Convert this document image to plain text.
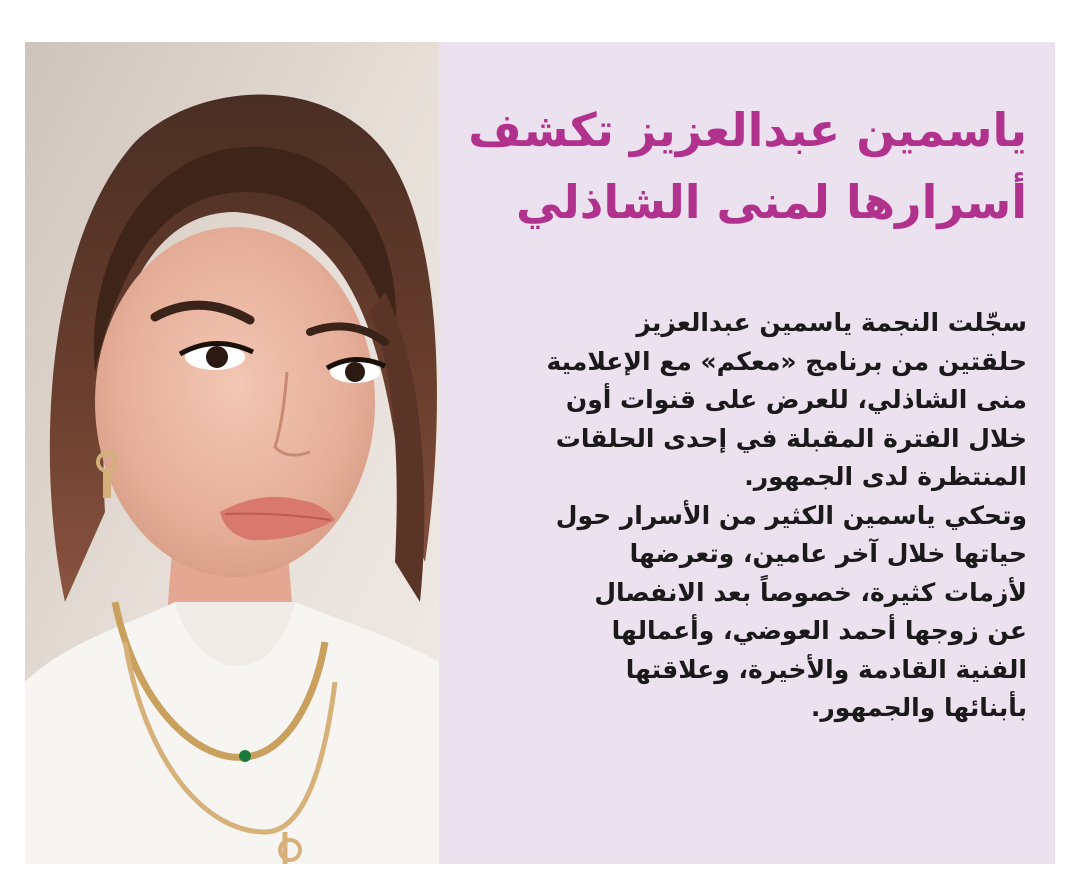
ياسمين عبدالعزيز تكشف
أسرارها لمنى الشاذلي
سجّلت النجمة ياسمين عبدالعزيز
حلقتين من برنامج «معكم» مع الإعلامية
منى الشاذلي، للعرض على قنوات أون
خلال الفترة المقبلة في إحدى الحلقات
المنتظرة لدى الجمهور.
وتحكي ياسمين الكثير من الأسرار حول
حياتها خلال آخر عامين، وتعرضها
لأزمات كثيرة، خصوصاً بعد الانفصال
عن زوجها أحمد العوضي، وأعمالها
الفنية القادمة والأخيرة، وعلاقتها
بأبنائها والجمهور.
